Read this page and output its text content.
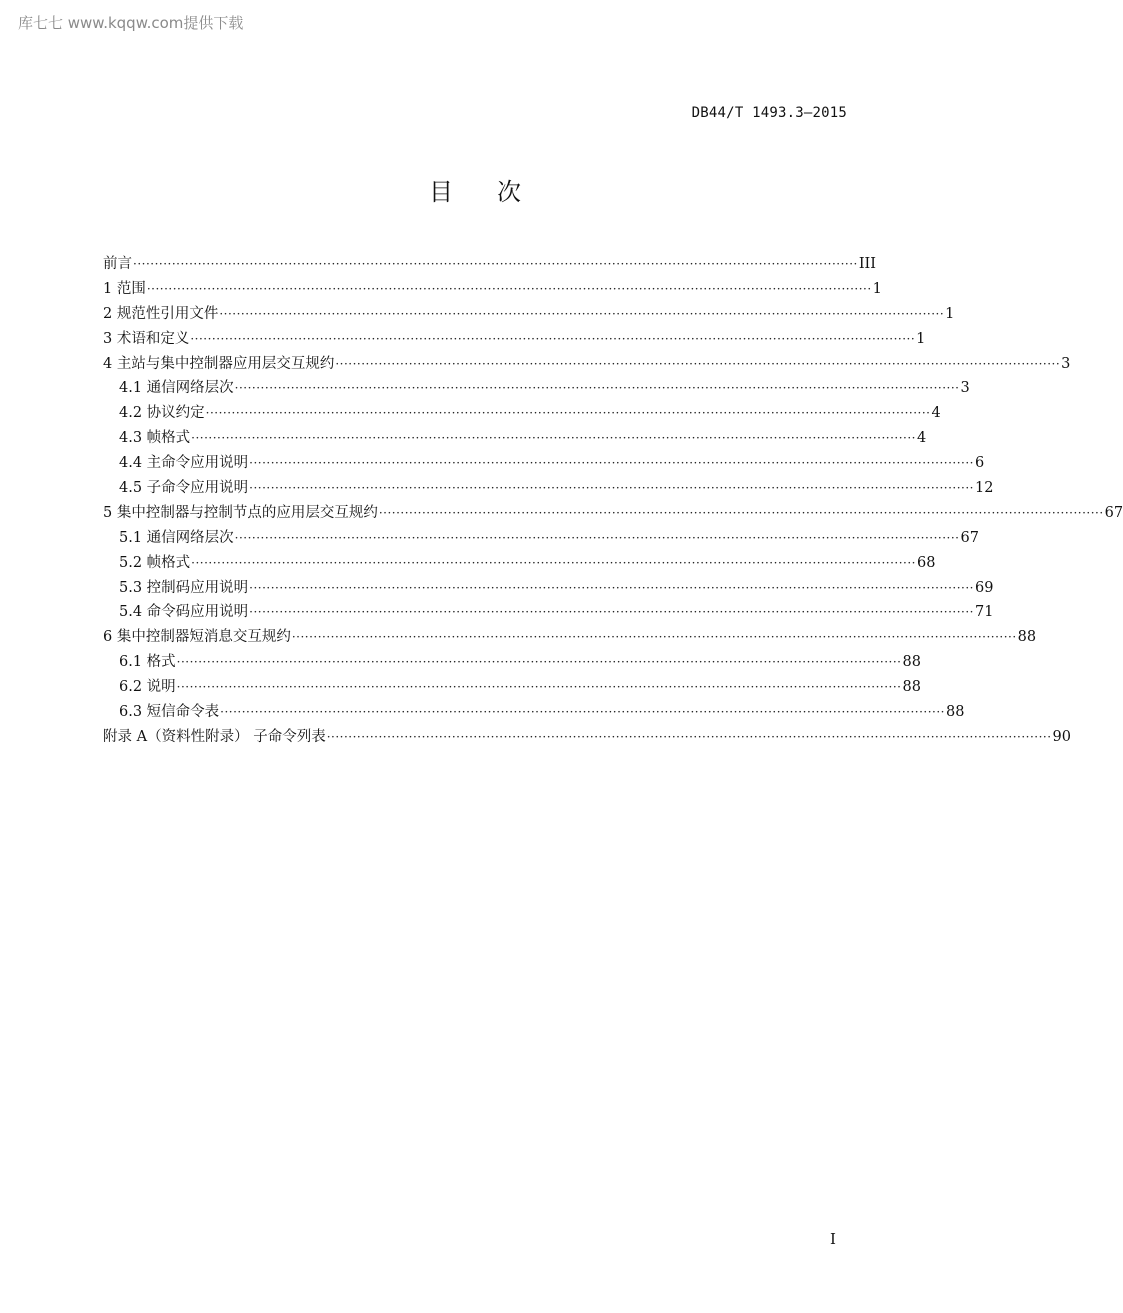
库七七 www.kqqw.com提供下载
DB44/T 1493.3—2015
目次
前言 ········································································································································································ III
1 范围 ········································································································································································ 1
2 规范性引用文件 ········································································································································································ 1
3 术语和定义 ········································································································································································ 1
4 主站与集中控制器应用层交互规约 ········································································································································································ 3
4.1 通信网络层次 ········································································································································································ 3
4.2 协议约定 ········································································································································································ 4
4.3 帧格式 ········································································································································································ 4
4.4 主命令应用说明 ········································································································································································ 6
4.5 子命令应用说明 ········································································································································································ 12
5 集中控制器与控制节点的应用层交互规约 ········································································································································································ 67
5.1 通信网络层次 ········································································································································································ 67
5.2 帧格式 ········································································································································································ 68
5.3 控制码应用说明 ········································································································································································ 69
5.4 命令码应用说明 ········································································································································································ 71
6 集中控制器短消息交互规约 ········································································································································································ 88
6.1 格式 ········································································································································································ 88
6.2 说明 ········································································································································································ 88
6.3 短信命令表 ········································································································································································ 88
附录 A（资料性附录） 子命令列表 ········································································································································································ 90
I
